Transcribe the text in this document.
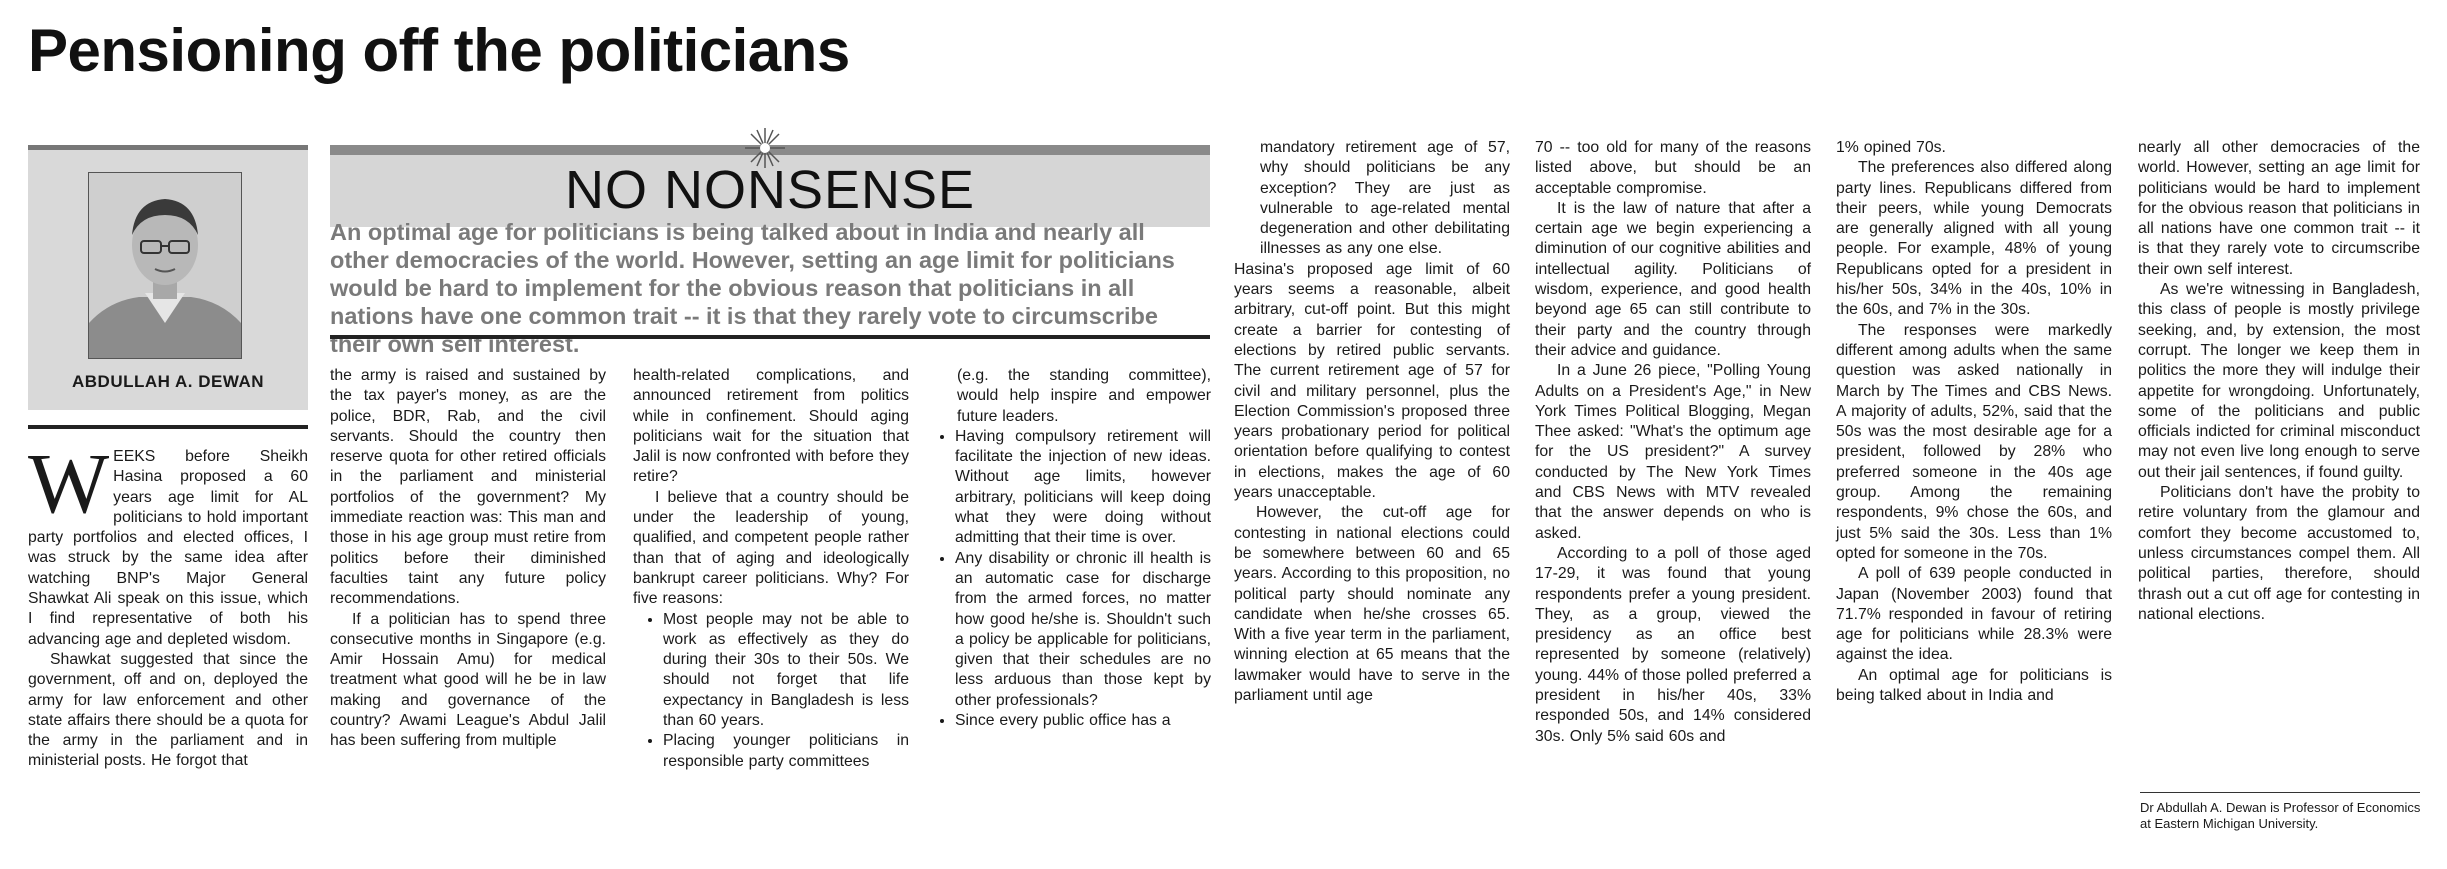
Pensioning off the politicians
ABDULLAH A. DEWAN
NO NONSENSE
An optimal age for politicians is being talked about in India and nearly all other democracies of the world. However, setting an age limit for politicians would be hard to implement for the obvious reason that politicians in all nations have one common trait -- it is that they rarely vote to circumscribe their own self interest.
W EEKS before Sheikh Hasina proposed a 60 years age limit for AL politicians to hold important party portfolios and elected offices, I was struck by the same idea after watching BNP's Major General Shawkat Ali speak on this issue, which I find representative of both his advancing age and depleted wisdom.

Shawkat suggested that since the government, off and on, deployed the army for law enforcement and other state affairs there should be a quota for the army in the parliament and in ministerial posts. He forgot that

the army is raised and sustained by the tax payer's money, as are the police, BDR, Rab, and the civil servants. Should the country then reserve quota for other retired officials in the parliament and ministerial portfolios of the government? My immediate reaction was: This man and those in his age group must retire from politics before their diminished faculties taint any future policy recommendations.

If a politician has to spend three consecutive months in Singapore (e.g. Amir Hossain Amu) for medical treatment what good will he be in law making and governance of the country? Awami League's Abdul Jalil has been suffering from multiple

health-related complications, and announced retirement from politics while in confinement. Should aging politicians wait for the situation that Jalil is now confronted with before they retire?

I believe that a country should be under the leadership of young, qualified, and competent people rather than that of aging and ideologically bankrupt career politicians. Why? For five reasons:

• Most people may not be able to work as effectively as they do during their 30s to their 50s. We should not forget that life expectancy in Bangladesh is less than 60 years.
• Placing younger politicians in responsible party committees

(e.g. the standing committee), would help inspire and empower future leaders.

• Having compulsory retirement will facilitate the injection of new ideas. Without age limits, however arbitrary, politicians will keep doing what they were doing without admitting that their time is over.
• Any disability or chronic ill health is an automatic case for discharge from the armed forces, no matter how good he/she is. Shouldn't such a policy be applicable for politicians, given that their schedules are no less arduous than those kept by other professionals?
• Since every public office has a

mandatory retirement age of 57, why should politicians be any exception? They are just as vulnerable to age-related mental degeneration and other debilitating illnesses as any one else.

Hasina's proposed age limit of 60 years seems a reasonable, albeit arbitrary, cut-off point. But this might create a barrier for contesting of elections by retired public servants. The current retirement age of 57 for civil and military personnel, plus the Election Commission's proposed three years probationary period for political orientation before qualifying to contest in elections, makes the age of 60 years unacceptable.

However, the cut-off age for contesting in national elections could be somewhere between 60 and 65 years. According to this proposition, no political party should nominate any candidate when he/she crosses 65. With a five year term in the parliament, winning election at 65 means that the lawmaker would have to serve in the parliament until age

70 -- too old for many of the reasons listed above, but should be an acceptable compromise.

It is the law of nature that after a certain age we begin experiencing a diminution of our cognitive abilities and intellectual agility. Politicians of wisdom, experience, and good health beyond age 65 can still contribute to their party and the country through their advice and guidance.

In a June 26 piece, "Polling Young Adults on a President's Age," in New York Times Political Blogging, Megan Thee asked: "What's the optimum age for the US president?" A survey conducted by The New York Times and CBS News with MTV revealed that the answer depends on who is asked.

According to a poll of those aged 17-29, it was found that young respondents prefer a young president. They, as a group, viewed the presidency as an office best represented by someone (relatively) young. 44% of those polled preferred a president in his/her 40s, 33% responded 50s, and 14% considered 30s. Only 5% said 60s and

1% opined 70s.

The preferences also differed along party lines. Republicans differed from their peers, while young Democrats are generally aligned with all young people. For example, 48% of young Republicans opted for a president in his/her 50s, 34% in the 40s, 10% in the 60s, and 7% in the 30s.

The responses were markedly different among adults when the same question was asked nationally in March by The Times and CBS News. A majority of adults, 52%, said that the 50s was the most desirable age for a president, followed by 28% who preferred someone in the 40s age group. Among the remaining respondents, 9% chose the 60s, and just 5% said the 30s. Less than 1% opted for someone in the 70s.

A poll of 639 people conducted in Japan (November 2003) found that 71.7% responded in favour of retiring age for politicians while 28.3% were against the idea.

An optimal age for politicians is being talked about in India and

nearly all other democracies of the world. However, setting an age limit for politicians would be hard to implement for the obvious reason that politicians in all nations have one common trait -- it is that they rarely vote to circumscribe their own self interest.

As we're witnessing in Bangladesh, this class of people is mostly privilege seeking, and, by extension, the most corrupt. The longer we keep them in politics the more they will indulge their appetite for wrongdoing. Unfortunately, some of the politicians and public officials indicted for criminal misconduct may not even live long enough to serve out their jail sentences, if found guilty.

Politicians don't have the probity to retire voluntary from the glamour and comfort they become accustomed to, unless circumstances compel them. All political parties, therefore, should thrash out a cut off age for contesting in national elections.

Dr Abdullah A. Dewan is Professor of Economics at Eastern Michigan University.
